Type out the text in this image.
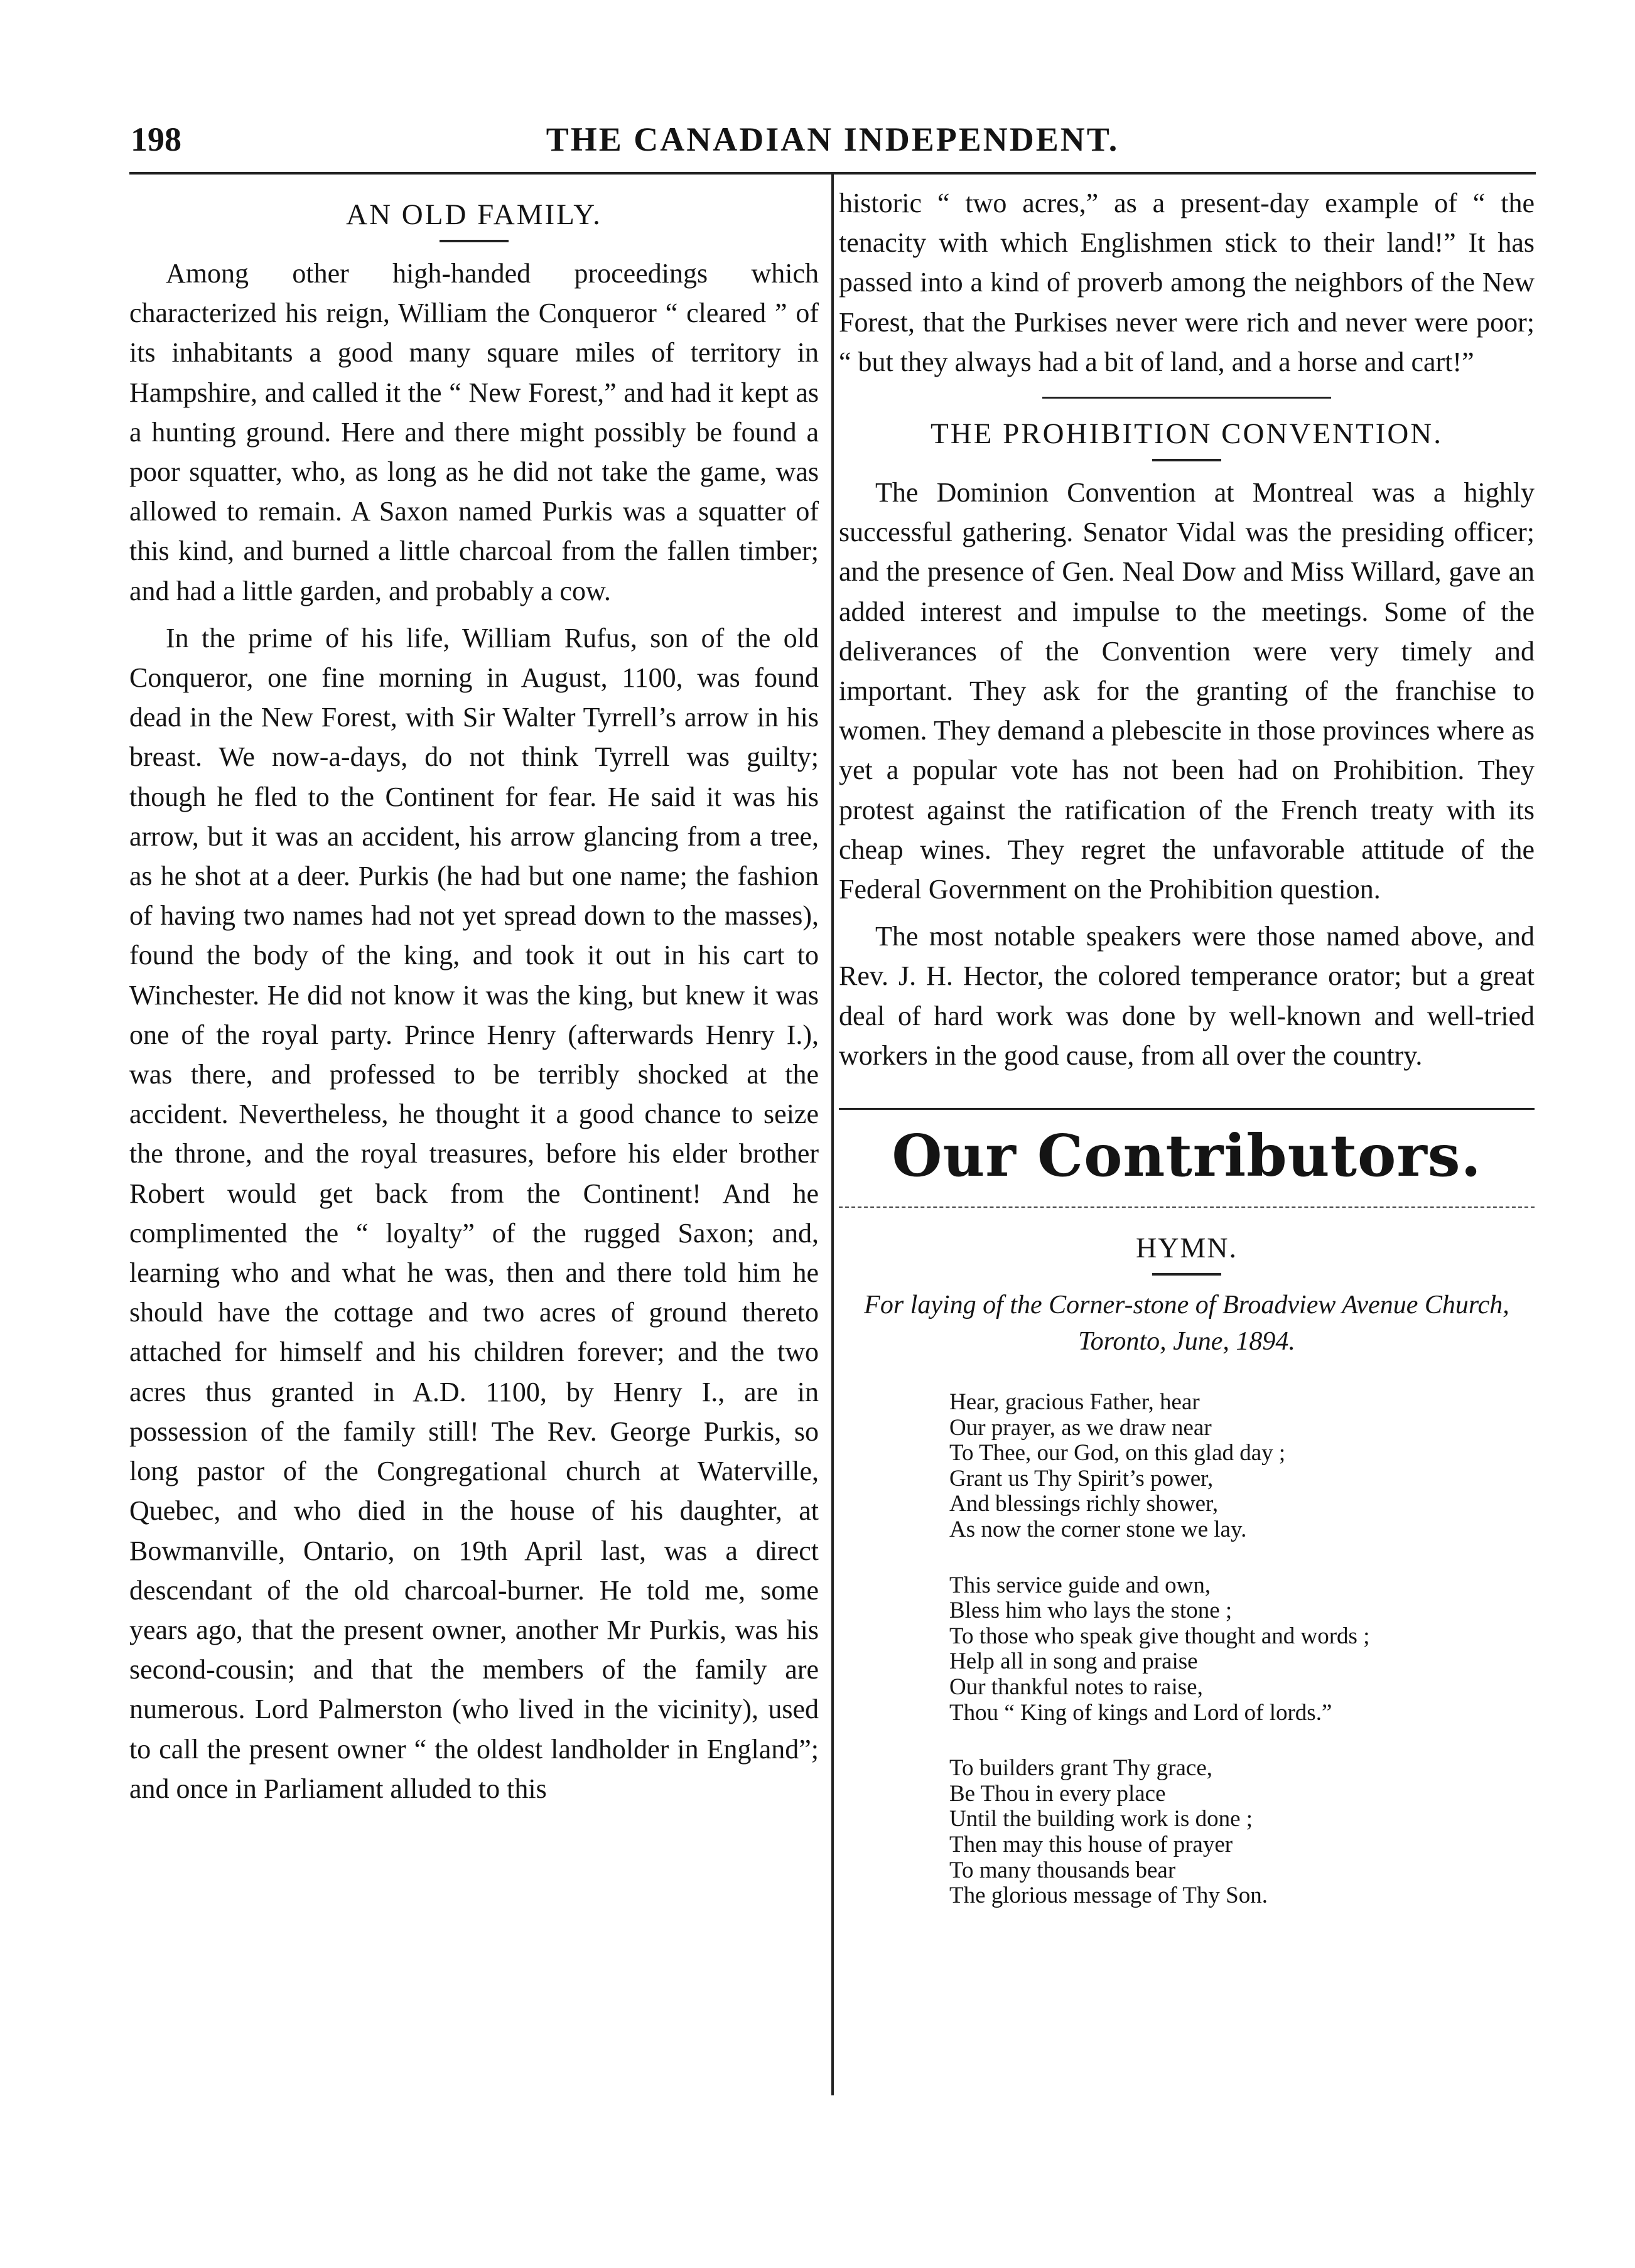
198	THE CANADIAN INDEPENDENT.
AN OLD FAMILY.

Among other high-handed proceedings which characterized his reign, William the Conqueror “ cleared ” of its inhabitants a good many square miles of territory in Hampshire, and called it the “ New Forest,” and had it kept as a hunting ground. Here and there might possibly be found a poor squatter, who, as long as he did not take the game, was allowed to remain. A Saxon named Purkis was a squatter of this kind, and burned a little charcoal from the fallen timber; and had a little garden, and probably a cow.

In the prime of his life, William Rufus, son of the old Conqueror, one fine morning in August, 1100, was found dead in the New Forest, with Sir Walter Tyrrell’s arrow in his breast. We now-a-days, do not think Tyrrell was guilty; though he fled to the Continent for fear. He said it was his arrow, but it was an accident, his arrow glancing from a tree, as he shot at a deer. Purkis (he had but one name; the fashion of having two names had not yet spread down to the masses), found the body of the king, and took it out in his cart to Winchester. He did not know it was the king, but knew it was one of the royal party. Prince Henry (afterwards Henry I.), was there, and professed to be terribly shocked at the accident. Nevertheless, he thought it a good chance to seize the throne, and the royal treasures, before his elder brother Robert would get back from the Continent! And he complimented the “ loyalty” of the rugged Saxon; and, learning who and what he was, then and there told him he should have the cottage and two acres of ground thereto attached for himself and his children forever; and the two acres thus granted in A.D. 1100, by Henry I., are in possession of the family still! The Rev. George Purkis, so long pastor of the Congregational church at Waterville, Quebec, and who died in the house of his daughter, at Bowmanville, Ontario, on 19th April last, was a direct descendant of the old charcoal-burner. He told me, some years ago, that the present owner, another Mr Purkis, was his second-cousin; and that the members of the family are numerous. Lord Palmerston (who lived in the vicinity), used to call the present owner “ the oldest landholder in England”; and once in Parliament alluded to this

historic “ two acres,” as a present-day example of “ the tenacity with which Englishmen stick to their land!” It has passed into a kind of proverb among the neighbors of the New Forest, that the Purkises never were rich and never were poor; “ but they always had a bit of land, and a horse and cart!”

THE PROHIBITION CONVENTION.

The Dominion Convention at Montreal was a highly successful gathering. Senator Vidal was the presiding officer; and the presence of Gen. Neal Dow and Miss Willard, gave an added interest and impulse to the meetings. Some of the deliverances of the Convention were very timely and important. They ask for the granting of the franchise to women. They demand a plebescite in those provinces where as yet a popular vote has not been had on Prohibition. They protest against the ratification of the French treaty with its cheap wines. They regret the unfavorable attitude of the Federal Government on the Prohibition question.

The most notable speakers were those named above, and Rev. J. H. Hector, the colored temperance orator; but a great deal of hard work was done by well-known and well-tried workers in the good cause, from all over the country.

Our Contributors.
HYMN.
For laying of the Corner-stone of Broadview Avenue Church,
Toronto, June, 1894.
Hear, gracious Father, hear
Our prayer, as we draw near
To Thee, our God, on this glad day ;
Grant us Thy Spirit’s power,
And blessings richly shower,
As now the corner stone we lay.
This service guide and own,
Bless him who lays the stone ;
To those who speak give thought and words ;
Help all in song and praise
Our thankful notes to raise,
Thou “ King of kings and Lord of lords.”
To builders grant Thy grace,
Be Thou in every place
Until the building work is done ;
Then may this house of prayer
To many thousands bear
The glorious message of Thy Son.
